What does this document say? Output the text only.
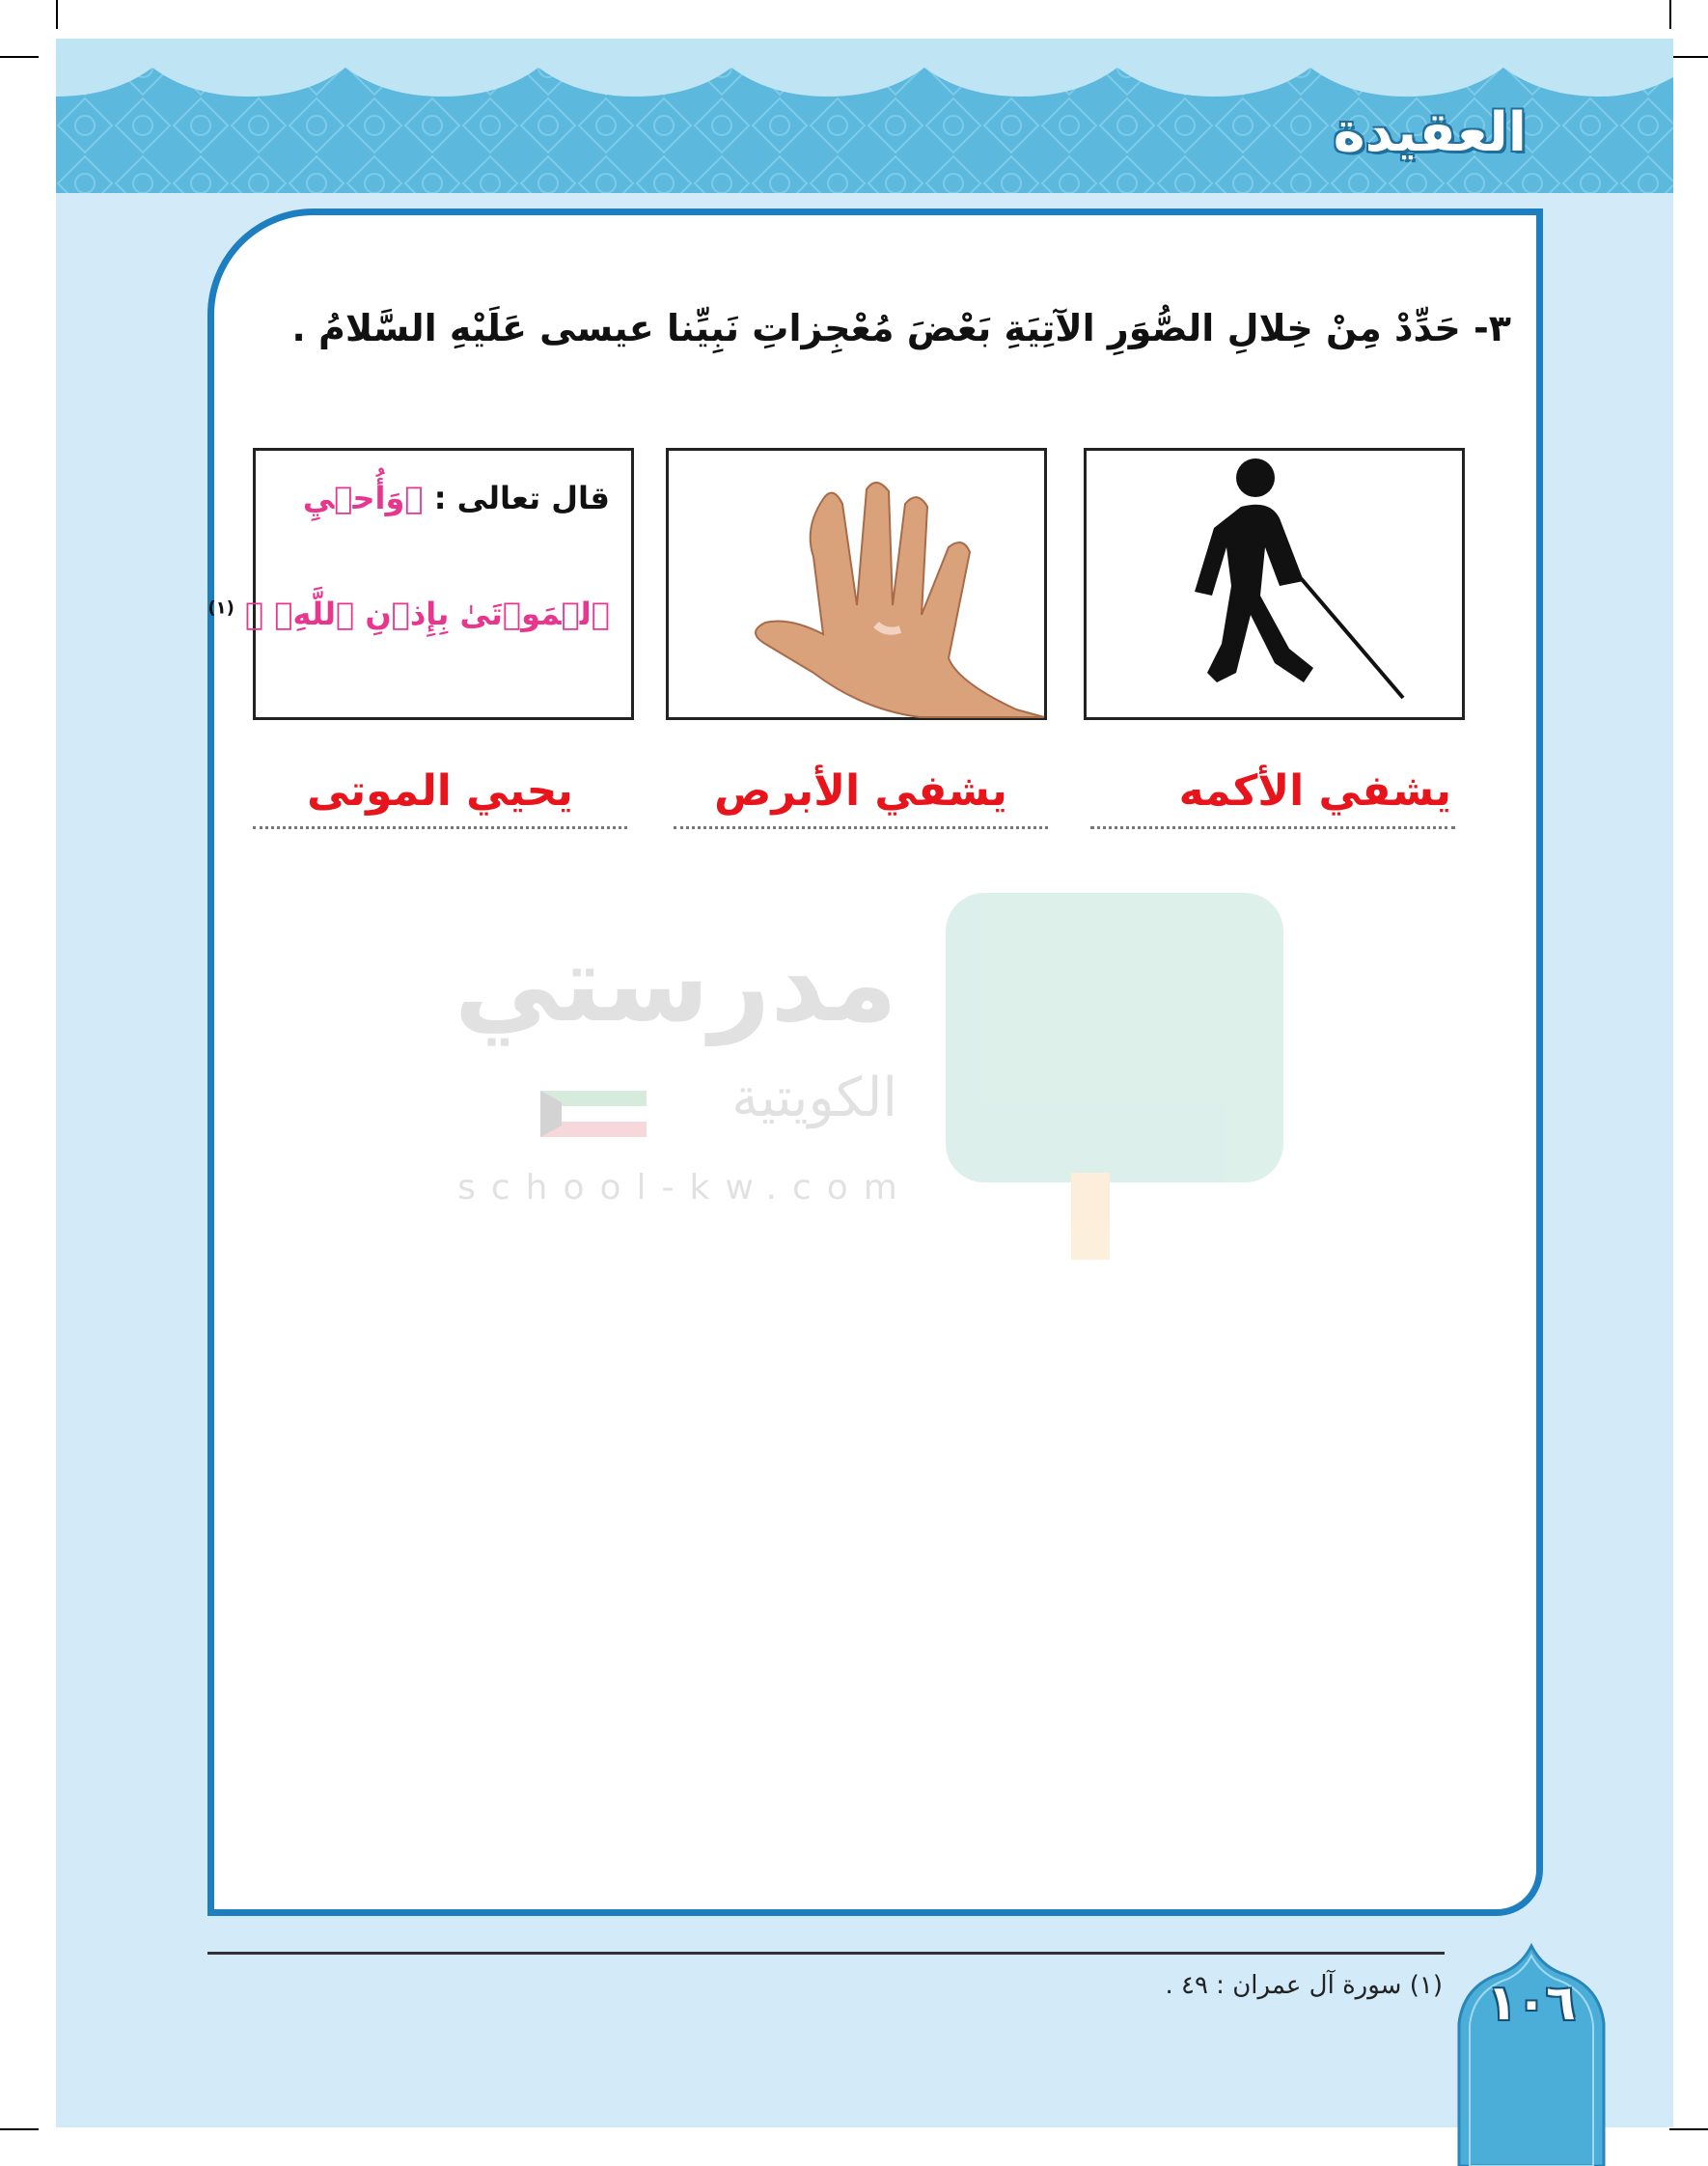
العقيدة
٣- حَدِّدْ مِنْ خِلالِ الصُّوَرِ الآتِيَةِ بَعْضَ مُعْجِزاتِ نَبِيِّنا عيسى عَلَيْهِ السَّلامُ .
قال تعالى : ﴿وَأُحۡيِ
ٱلۡمَوۡتَىٰ بِإِذۡنِ ٱللَّهِۖ ﴾ $^{(١)}$
يشفي الأكمه
يشفي الأبرص
يحيي الموتى
مدرستي
الكويتية
school-kw.com
(١) سورة آل عمران : ٤٩ . ١٠٦
